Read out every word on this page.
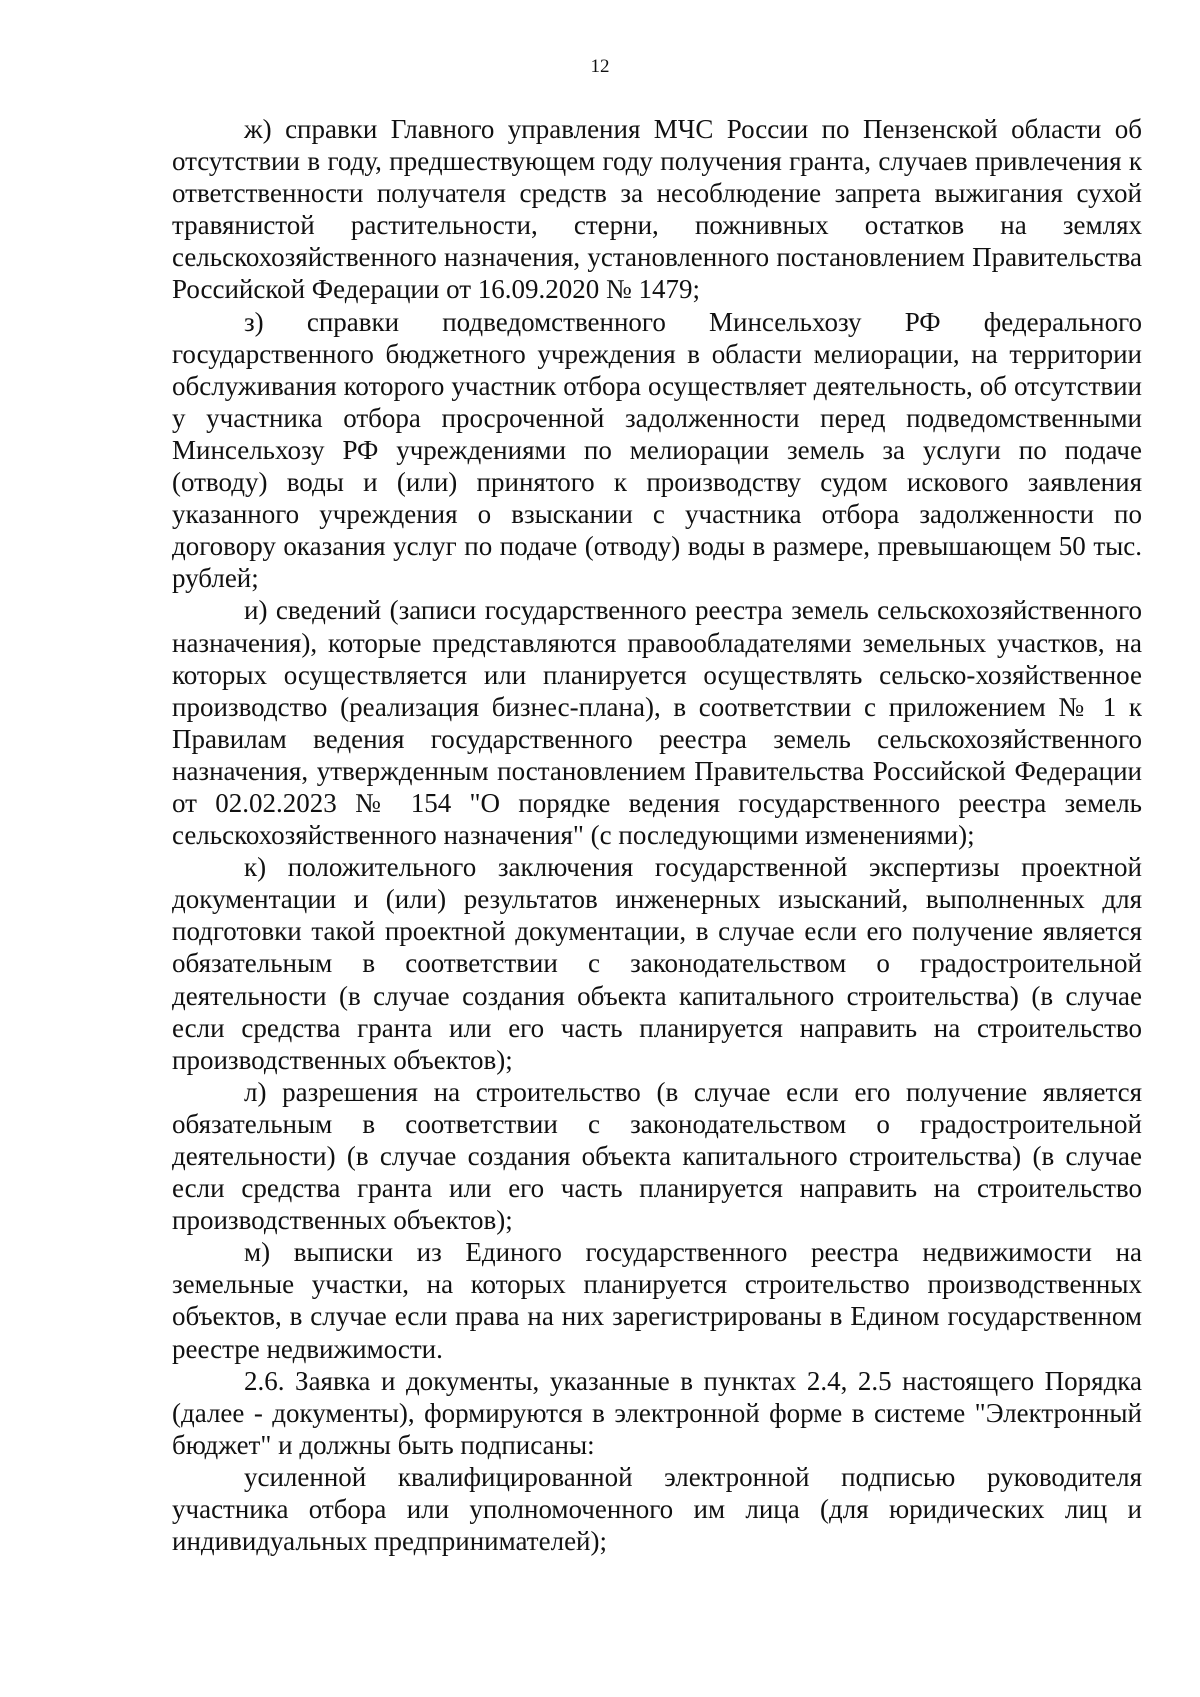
12

ж) справки Главного управления МЧС России по Пензенской области об отсутствии в году, предшествующем году получения гранта, случаев привлечения к ответственности получателя средств за несоблюдение запрета выжигания сухой травянистой растительности, стерни, пожнивных остатков на землях сельскохозяйственного назначения, установленного постановлением Правительства Российской Федерации от 16.09.2020 № 1479;

з) справки подведомственного Минсельхозу РФ федерального государственного бюджетного учреждения в области мелиорации, на территории обслуживания которого участник отбора осуществляет деятельность, об отсутствии у участника отбора просроченной задолженности перед подведомственными Минсельхозу РФ учреждениями по мелиорации земель за услуги по подаче (отводу) воды и (или) принятого к производству судом искового заявления указанного учреждения о взыскании с участника отбора задолженности по договору оказания услуг по подаче (отводу) воды в размере, превышающем 50 тыс. рублей;

и) сведений (записи государственного реестра земель сельскохозяйственного назначения), которые представляются правообладателями земельных участков, на которых осуществляется или планируется осуществлять сельско-хозяйственное производство (реализация бизнес-плана), в соответствии с приложением № 1 к Правилам ведения государственного реестра земель сельскохозяйственного назначения, утвержденным постановлением Правительства Российской Федерации от 02.02.2023 № 154 "О порядке ведения государственного реестра земель сельскохозяйственного назначения" (с последующими изменениями);

к) положительного заключения государственной экспертизы проектной документации и (или) результатов инженерных изысканий, выполненных для подготовки такой проектной документации, в случае если его получение является обязательным в соответствии с законодательством о градостроительной деятельности (в случае создания объекта капитального строительства) (в случае если средства гранта или его часть планируется направить на строительство производственных объектов);

л) разрешения на строительство (в случае если его получение является обязательным в соответствии с законодательством о градостроительной деятельности) (в случае создания объекта капитального строительства) (в случае если средства гранта или его часть планируется направить на строительство производственных объектов);

м) выписки из Единого государственного реестра недвижимости на земельные участки, на которых планируется строительство производственных объектов, в случае если права на них зарегистрированы в Едином государственном реестре недвижимости.

2.6. Заявка и документы, указанные в пунктах 2.4, 2.5 настоящего Порядка (далее - документы), формируются в электронной форме в системе "Электронный бюджет" и должны быть подписаны:

усиленной квалифицированной электронной подписью руководителя участника отбора или уполномоченного им лица (для юридических лиц и индивидуальных предпринимателей);
